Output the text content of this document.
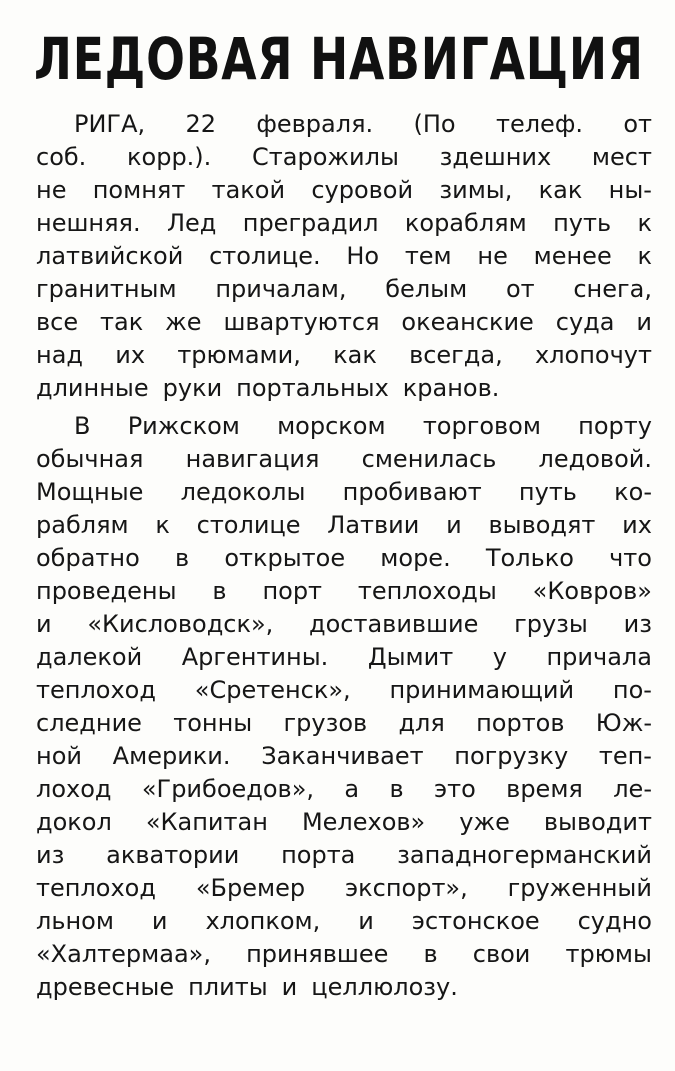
ЛЕДОВАЯ НАВИГАЦИЯ
РИГА, 22 февраля. (По телеф. от
соб. корр.). Старожилы здешних мест
не помнят такой суровой зимы, как ны-
нешняя. Лед преградил кораблям путь к
латвийской столице. Но тем не менее к
гранитным причалам, белым от снега,
все так же швартуются океанские суда и
над их трюмами, как всегда, хлопочут
длинные руки портальных кранов.
В Рижском морском торговом порту
обычная навигация сменилась ледовой.
Мощные ледоколы пробивают путь ко-
раблям к столице Латвии и выводят их
обратно в открытое море. Только что
проведены в порт теплоходы «Ковров»
и «Кисловодск», доставившие грузы из
далекой Аргентины. Дымит у причала
теплоход «Сретенск», принимающий по-
следние тонны грузов для портов Юж-
ной Америки. Заканчивает погрузку теп-
лоход «Грибоедов», а в это время ле-
докол «Капитан Мелехов» уже выводит
из акватории порта западногерманский
теплоход «Бремер экспорт», груженный
льном и хлопком, и эстонское судно
«Халтермаа», принявшее в свои трюмы
древесные плиты и целлюлозу.
